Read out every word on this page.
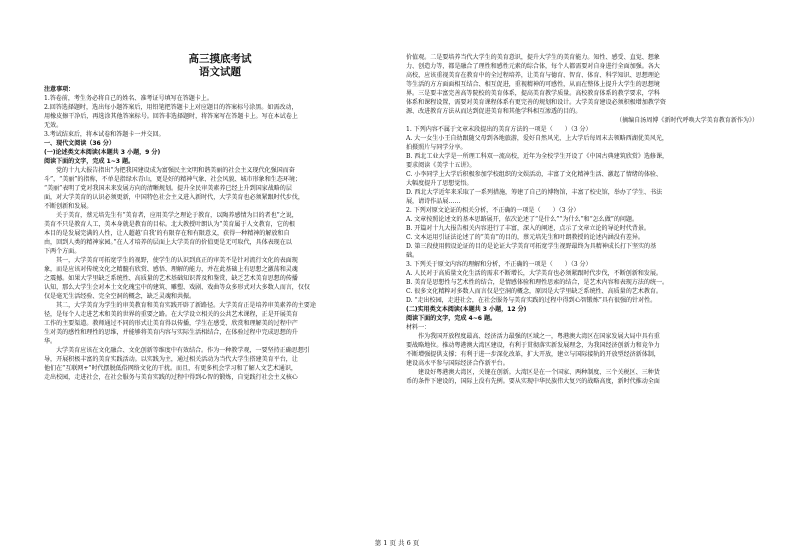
高三摸底考试
语文试题
注意事项：
1.答卷前，考生务必将自己的姓名、准考证号填写在答题卡上。
2.回答选择题时，选出每小题答案后，用铅笔把答题卡上对应题目的答案标号涂黑。如需改动，
用橡皮擦干净后，再选涂其他答案标号。回答非选择题时，将答案写在答题卡上。写在本试卷上
无效。
3.考试结束后，将本试卷和答题卡一并交回。
一、现代文阅读（36 分）
(一)论述类文本阅读(本题共 3 小题，9 分)
阅读下面的文字，完成 1~3 题。
党的十九大报告指出“为把我国建设成为富强民主文明和谐美丽的社会主义现代化强国而奋
斗”，“美丽”的指称，不单是指绿水青山，更是好的精神气象、社会风貌、城市形象和生态环境；
“美丽”表明了党对我国未来发展方向的清晰规划。提升全民审美素养已经上升到国家战略的层
面，对大学美育的认识必须更新，中国特色社会主义进入新时代，大学美育也必须紧跟时代步伐，
不断创新和发展。
关于美育，蔡元培先生有“美育者，应用美学之理论于教育，以陶养感情为目的者也”之说，
美育不只是教育人工，美本身就是教育的目标。北大教授叶朗认为“美育属于人文教育，它的根
本目的是发展完满的人性，让人超越‘自我’的有限存在和有限意义，获得一种精神的解放和自
由，回到人类的精神家园。”在人才培养的层面上大学美育的价值更是无可取代，具体表现在以
下两个方面。
其一，大学美育可拓宽学生的视野，使学生的认识到真正的审美不是针对流行文化的表面现
象，而是应该对传统文化之精髓有欣赏、感悟、理解的能力，并在此基础上有思想之激荡和灵魂
之震撼。如果大学里缺乏系统性、高质量的艺术基础知识普及和鉴赏，缺乏艺术美育思想的传播
认知，那么大学生会对本土文化瑰宝中的建筑、雕塑、戏剧、戏曲等众多形式对大多数人而言，仅仅
仅是毫无生活经验、完全空洞的概念，缺乏灵魂和共振。
其二，大学美育为学生的审美教育和美育实践开辟了新路径。大学美育正是培养审美素养的主要途
径，是每个人走进艺术和美的世界的重要之路。在大学设立相关的公共艺术课程，正是开展美育
工作的主要渠道。教师通过不同的形式让美育得以传播，学生在感受、欣赏和理解美的过程中产
生对美的感性和理性的思维，并能够将美育内容与实际生活相结合，在体验过程中完成思想的升
华。
大学美育应该在文化融合、文化创新等维度中有效结合。作为一种教学观，一要坚持正确思想引
导，开展积极丰富的美育实践活动。以实践为主，通过相关活动为当代大学生搭建美育平台，让
他们在“互联网+”时代摆脱低俗网络文化的干扰。而且，有更多机会学习和了解人文艺术通识，
走出校园，走进社会，在社会服务与美育实践的过程中得到心智的锻炼，自觉践行社会主义核心
价值观。二是要培养当代大学生的美育意识，提升大学生的美育能力。知性、感受、直觉、想象
力、创造力等，都是融合了理性和感性元素的综合体，每个人都需要对自身进行全面加强。各大
高校，应该重视美育在教育中的全过程培养，让美育与德育、智育、体育、科学知识、思想理论
等生活的方方面面相互结合、相互促进，重视精神的可感性，从而在整体上提升大学生的思想境
界。三是要丰富完善高等院校的美育体系，提高美育教学质量。高校教育体系的教学要求，学科
体系和课程设置，需要对美育课程体系有更完善的规划和设计。大学美育建设必须积极增加教学资
源、改进教育方法从而达到促进美育和其他学科相互渗透的目的。
（摘编自汤周博《新时代呼唤大学美育教育新作为》）
1. 下列内容不属于文章末段提出的美育方法的一项是（　　）（3 分）
A. 大一女生小王自幼跟随父母到各地旅游，爱好自然风光，上大学后每周末去领略西湖优美风光，
拍摄照片与同学分享。
B. 西北工业大学是一所理工科双一流高校，近年为全校学生开设了《中国古典建筑欣赏》选修课，
要求阅读《美学十五讲》。
C. 小李同学上大学后积极参加学校组织的文娱活动，丰富了文化精神生活、激起了情绪的体验、
大幅度提升了思想觉悟。
D. 西北大学近年来采取了一系列措施，筹建了自己的博物馆，丰富了校史馆，举办了学生、书法
展，请诗作品展……
2. 下列对原文论证的相关分析，不正确的一项是（　　）（3 分）
A. 文章按照论述文的基本思路展开，依次论述了“是什么”“为什么”和“怎么做”的问题。
B. 开篇对十九大报告相关内容进行了丰富，深入的阐述，点示了文章立论的导论时代背景。
C. 文本运用引证法论述了的“美育”的目的，蔡元培先生和叶朗教授的论述内涵没有差异。
D. 第三段使用假设论证的目的是论证大学美育可拓宽学生视野最终为具精神成长打下坚实的基
础。
3. 下列关于原文内容的理解和分析，不正确的一项是（　　）（3 分）
A. 人民对于高质量文化生活的需求不断增长，大学美育也必须紧跟时代步伐，不断创新和发展。
B. 美育是思想性与艺术性的结合，是情感体验和理性思索的结合，是艺术内容和表现方法的统一。
C. 很多文化精粹对多数人而言仅是空洞的概念，原因是大学里缺乏系统性、高质量的艺术教育。
D. “走出校园，走进社会，在社会服务与美育实践的过程中得到心智锻炼”具有很强的针对性。
(二)实用类文本阅读(本题共 3 小题，12 分)
阅读下面的文字，完成 4~6 题。
材料一：
作为我国开放程度最高、经济活力最强的区域之一，粤港澳大湾区在国家发展大局中具有重
要战略地位。推动粤港澳大湾区建设，有利于贯彻落实新发展理念，为我国经济创新力和竞争力
不断增强提供支撑；有利于进一步深化改革，扩大开放，建立与国际接轨的开放型经济新体制，
建设高水平参与国际经济合作新平台。
建设好粤港澳大湾区，关键在创新。大湾区是在一个国家、两种制度、三个关税区、三种货
币的条件下建设的，国际上没有先例。要从实现中华民族伟大复兴的战略高度，新时代推动全面
第 1 页 共 6 页
